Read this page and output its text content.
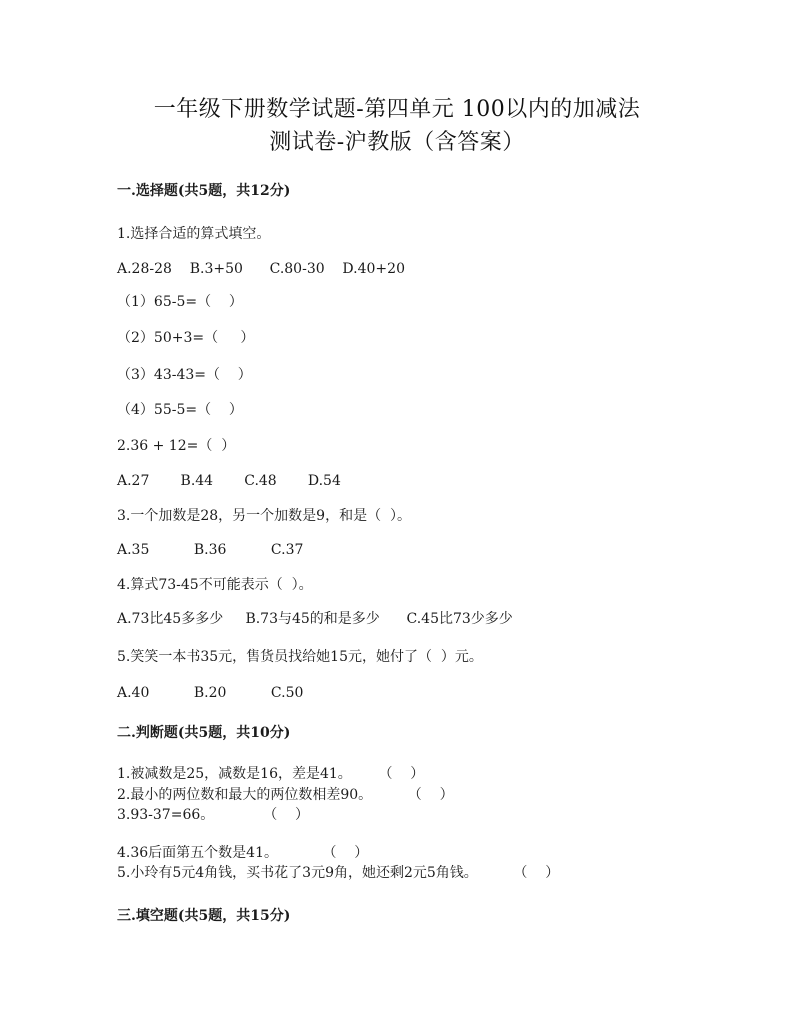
一年级下册数学试题-第四单元 100以内的加减法
测试卷-沪教版（含答案）
一.选择题(共5题，共12分)
1.选择合适的算式填空。
A.28-28    B.3+50      C.80-30    D.40+20
（1）65-5=（    ）
（2）50+3=（     ）
（3）43-43=（    ）
（4）55-5=（    ）
2.36 + 12=（  ）
A.27       B.44       C.48       D.54
3.一个加数是28，另一个加数是9，和是（  ）。
A.35          B.36          C.37
4.算式73-45不可能表示（  ）。
A.73比45多多少     B.73与45的和是多少      C.45比73少多少
5.笑笑一本书35元，售货员找给她15元，她付了（  ）元。
A.40          B.20          C.50
二.判断题(共5题，共10分)
1.被减数是25，减数是16，差是41。      （    ）
2.最小的两位数和最大的两位数相差90。        （    ）
3.93-37=66。           （    ）
4.36后面第五个数是41。          （    ）
5.小玲有5元4角钱，买书花了3元9角，她还剩2元5角钱。        （    ）
三.填空题(共5题，共15分)
